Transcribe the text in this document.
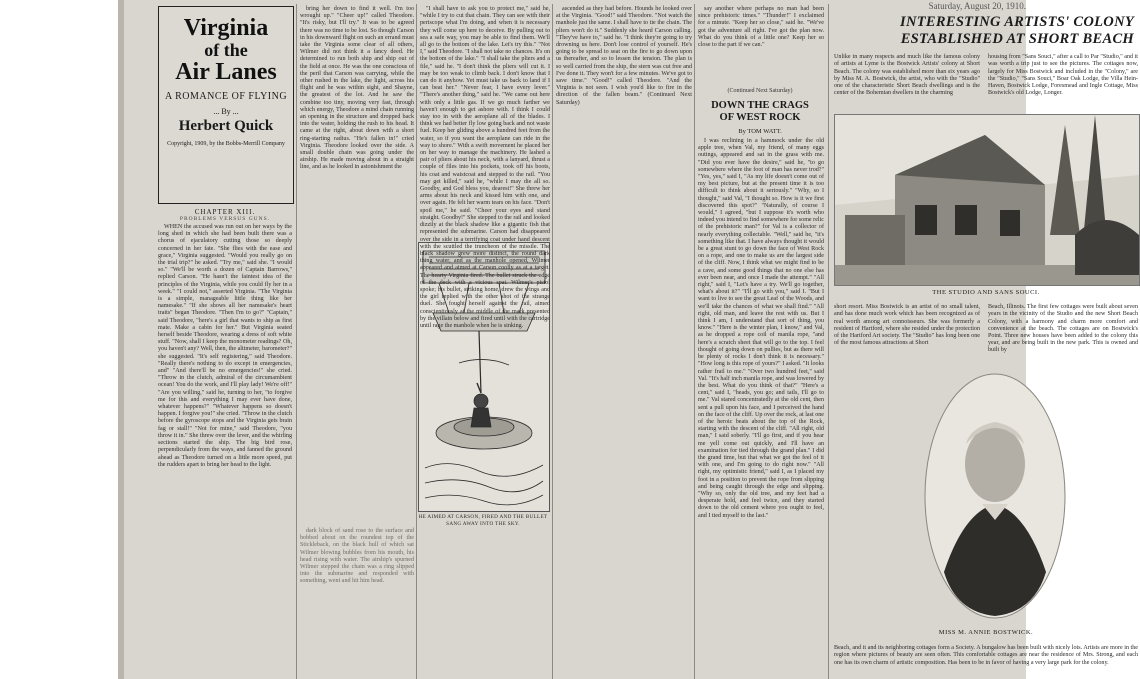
Saturday, August 20, 1910.
Virginia
of the
Air Lanes
A ROMANCE OF FLYING
... By ...
Herbert Quick
Copyright, 1909, by the Bobbs-Merrill Company
CHAPTER XIII.
PROBLEMS VERSUS GUNS.

WHEN the accused was run out on her ways by the long shed in which she had been built there was a chorus of ejaculatory cutting those so deeply concerned in her fate. "She flies with the ease and grace," Virginia suggested. "Would you really go on the trial trip?" he asked. "Try me," said she. "I would so." "We'll be worth a dozen of Captain Barrows," replied Carson. "He hasn't the faintest idea of the principles of the Virginia, while you could fly her in a week." "I could not," asserted Virginia. "The Virginia is a simple, manageable little thing like her namesake." "If she shows all her namesake's heart traits" began Theodore. "Then I'm to go?" "Captain," said Theodore, "here's a girl that wants to ship as first mate. Make a cabin for her." But Virginia seated herself beside Theodore, wearing a dress of soft white stuff. "Now, shall I keep the monometer readings? Oh, you haven't any? Well, then, the altimeter, barometer?" she suggested. "It's self registering," said Theodore. "Really there's nothing to do except in emergencies, and" "And there'll be no emergencies!" she cried. "Throw in the clutch, admiral of the circumambient ocean! You do the work, and I'll play lady! We're off!" "Are you willing," said he, turning to her, "to forgive me for this and everything I may ever have done, whatever happens?" "Whatever happens so doesn't happen. I forgive you!" she cried. "Throw in the clutch before the gyroscope stops and the Virginia gets brain fag or stall!" "Not for mine," said Theodore, "you throw it in." She threw over the lever, and the whirling sections started the ship. The big bird rose, perpendicularly from the ways, and fanned the ground ahead as Theodore turned on a little more speed, put the rudders apart to bring her head to the light.

bring her down to find it well. I'm too wrought up." "Cheer up!" called Theodore. "It's risky, but I'll try." It was to be agreed there was no time to be lost. So though Carson in his downward flight on such an errand must take the Virginia some clear of all others, Wilmer did not think it a fancy deed. He determined to run both ship and ship out of the field at once. He was the one conscious of the peril that Carson was carrying, while the other rushed in the lake, the light, across his flight and he was within sight, and Shayne, the greatest of the lot. And he saw the combine too tiny, moving very fast, through which energy, Theodore a mind chain running an opening in the structure and dropped back into the water, holding the rush to his head. It came at the right, about down with a short ring-starting radius. "He's fallen in!" cried Virginia. Theodore looked over the side. A small double chain was going under the airship. He made moving about in a straight line, and as he looked in astonishment the

HE AIMED AT CARSON, FIRED AND THE BULLET SANG AWAY INTO THE SKY.

dark block of sand rose to the surface and bobbed about on the roundest top of the Stickleback, on the black hull of which sat Wilmer blowing bubbles from his mouth, his head rising with water. The airship's spurned Wilmer stepped the chain was a ring slipped into the submarine and responded with something, went and hit him head.

"I shall have to ask you to protect me," said he, "while I try to cut that chain. They can see with their periscope what I'm doing, and when it is necessary they will come up here to deceive. By pulling out to sea a safe way, you may be able to find them. We'll all go to the bottom of the lake. Let's try this." "Not I," said Theodore. "I shall not take no chances. It's on the bottom of the lake." "I shall take the pliers and a file," said he. "I don't think the pliers will cut it. I may be too weak to climb back. I don't know that I can do it anyhow. Yet must take us back to land if I can beat her." "Never fear, I have every lever." "There's another thing," said he. "We came out here with only a little gas. If we go much farther we haven't enough to get ashore with. I think I could stay too in with the aeroplane all of the blades. I think we had better fly low going back and not waste fuel. Keep her gliding above a hundred feet from the water, so if you want the aeroplane can ride in the way to shore." With a swift movement he placed her on her way to manage the machinery. He lashed a pair of pliers about his neck, with a lanyard, thrust a couple of files into his pockets, took off his boots, his coat and waistcoat and stepped to the rail. "You may get killed," said he, "while I may die all so. Goodby, and God bless you, dearest!" She threw her arms about his neck and kissed him with one, and over again. He felt her warm tears on his face. "Don't spoil me," he said. "Cheer your eyes and stand straight. Goodby!" She stepped to the rail and looked dizzily at the black shadow like a gigantic fish that represented the submarine. Carson had disappeared over the side in a terrifying coat under hand descent with the scuttled the truncheon of the missile. The black shadow grew more distinct, the round dark thing water, and as the manhole opened, Wilmer appeared and aimed at Carson coolly as at a target. The hearty Virginia fired. The bullet struck the edge of the deck with a vicious spat. Wilmer's pistol spoke; his bullet, striking home, drew the wings and the girl replied with the other shot of the strange duel. She fought herself against the rail, aimed conscientiously at the middle of the mark presented by the villain below and fired until with the cartridge until rage the manhole when he is sinking.

ascended as they had before. Hounds he looked over at the Virginia. "Good!" said Theodore. "Not watch the manhole just the same. I shall have to tie the chain. The pliers won't do it." Suddenly she heard Carson calling. "They've have to," said he. "I think they're going to try drowning us here. Don't lose control of yourself. He's going to be spread to seat on the fire to go down upon us thereafter, and so to lessen the tension. The plan is so well carried from the ship, the stern was cut free and I've done it. They won't for a few minutes. We've got to save time." "Good!" called Theodore. "And the Virginia is not seen. I wish you'd like to fire in the direction of the fallen beam." (Continued Next Saturday)

say another where perhaps no man had been since prehistoric times." "Thunder!" I exclaimed for a minute. "Keep her so close," said he. "We've got the adventure all right. I've got the plan now. What do you think of a little one? Keep her so close to the part if we can."

(Continued Next Saturday)
DOWN THE CRAGS
OF WEST ROCK
By TOM WATT.

I was reclining in a hammock under the old apple tree, when Val, my friend, of many eggs outings, appeared and sat in the grass with me. "Did you ever have the desire," said he, "to go somewhere where the foot of man has never trod?" "Yes, yes," said I, "As my life doesn't come out of my best picture, but at the present time it is too difficult to think about it seriously." "Why, so I thought," said Val, "I thought so. How is it we first discovered this spot?" "Naturally, of course I would," I agreed, "but I suppose it's worth who indeed you intend to find somewhere for some relic of the prehistoric man?" for Val is a collector of nearly everything collectable. "Well," said he, "it's something like that. I have always thought it would be a great stunt to go down the face of West Rock on a rope, and one to make us are the largest side of the cliff. Now, I think what we might find to be a cave, and some good things that no one else has ever been near, and once I made the attempt." "All right," said I, "Let's have a try. We'll go together, what's about it?" "I'll go with you," said I. "But I want to live to see the great Leaf of the Woods, and we'll take the chances of what we shall find." "All right, old man, and leave the rest with us. But I think I am, I understand that sort of thing, you know." "Here is the winter plan, I know," and Val, as he dropped a rope coil of manila rope, "and here's a scratch sheet that will go to the top. I feel thought of going down on pullies, but as there will be plenty of rocks I don't think it is necessary." "How long is this rope of yours?" I asked. "It looks rather frail to me." "Over two hundred feet," said Val. "It's half inch manila rope, and was lowered by the best. What do you think of that?" "Here's a cent," said I, "heads, you go; and tails, I'll go to me." Val stared concentratedly at the old cent, then sent a pull upon his face, and I perceived the hand on the face of the cliff. Up over the rock, at last one of the heroic beats about the top of the Rock, starting with the descent of the cliff. "All right, old man," I said soberly. "I'll go first, and if you hear me yell come out quickly, and I'll have an examination for tied through the grand plan." I did the grand time, but that what we got the feel of it with one, and I'm going to do right now." "All right, my optimistic friend," said I, as I placed my foot in a position to prevent the rope from slipping and being caught through the edge and slipping. "Why so, only the old tree, and my feet had a desperate hold, and feel twice, and they started down to the old cement where you ought to feel, and I tied myself to the last."

INTERESTING ARTISTS' COLONY
ESTABLISHED AT SHORT BEACH

Unlike in many respects and much like the famous colony of artists at Lyme is the Bostwick Artists' colony at Short Beach. The colony was established more than six years ago by Miss M. A. Bostwick, the artist, who with the "Studio" one of the characteristic Short Beach dwellings and is the center of the Bohemian dwellers in the charming

housing from "Sans Souci," after a call to Par "Studio," and it was worth a trip just to see the pictures. The cottages now, largely for Miss Bostwick and included in the "Colony," are the "Studio," "Sans Souci," Boar Oak Lodge, the Villa Hein-Haven, Bostwick Lodge, Foresmead and Ingle Cottage, Miss Bostwick's old Lodge, Longer.

THE STUDIO AND SANS SOUCI.

short resort. Miss Bostwick is an artist of no small talent, and has done much work which has been recognized as of real worth among art connoisseurs. She was formerly a resident of Hartford, where she resided under the protection of the Hartford Art society. The "Studio" has long been one of the most famous attractions at Short

Beach, Illinois. The first few cottages were built about seven years in the vicinity of the Studio and the new Short Beach Colony, with a harmony and charm more comfort and convenience at the beach. The cottages are on Bostwick's Point. Three new houses have been added to the colony this year, and are being built in the new park. This is owned and built by

MISS M. ANNIE BOSTWICK.

Beach, and it and its neighboring cottages form a Society. A bungalow has been built with nicely lots. Artists are more in the region where pictures of beauty are seen often. This comfortable cottages are near the residence of Mrs. Strong, and each one has its own charm of artistic composition. Has been to be in favor of having a very large park for the colony.
